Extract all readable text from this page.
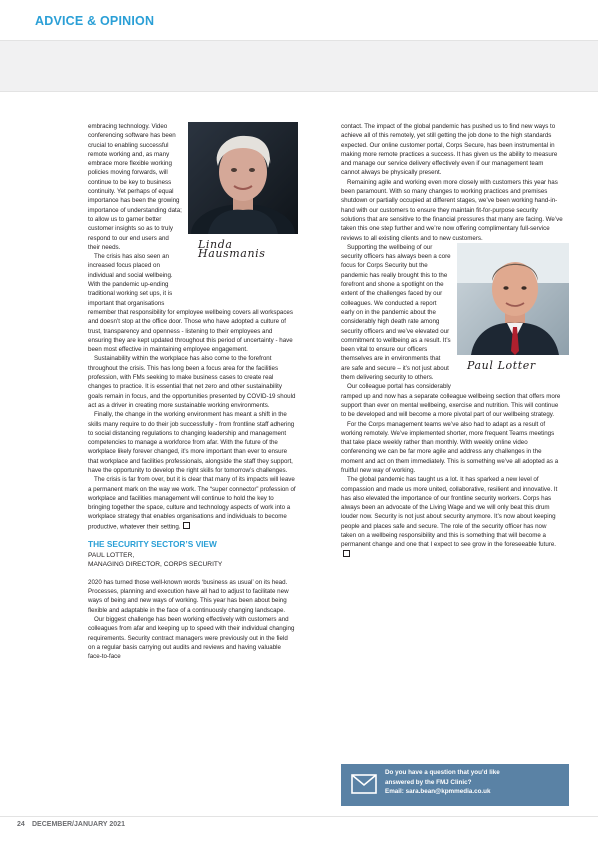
ADVICE & OPINION
Linda Hausmanis

embracing technology. Video conferencing software has been crucial to enabling successful remote working and, as many embrace more flexible working policies moving forwards, will continue to be key to business continuity. Yet perhaps of equal importance has been the growing importance of understanding data; to allow us to garner better customer insights so as to truly respond to our end users and their needs.

The crisis has also seen an increased focus placed on individual and social wellbeing. With the pandemic up-ending traditional working set ups, it is important that organisations remember that responsibility for employee wellbeing covers all workspaces and doesn’t stop at the office door. Those who have adopted a culture of trust, transparency and openness - listening to their employees and ensuring they are kept updated throughout this period of uncertainty - have been most effective in maintaining employee engagement.

Sustainability within the workplace has also come to the forefront throughout the crisis. This has long been a focus area for the facilities profession, with FMs seeking to make business cases to create real changes to practice. It is essential that net zero and other sustainability goals remain in focus, and the opportunities presented by COVID-19 should act as a driver in creating more sustainable working environments.

Finally, the change in the working environment has meant a shift in the skills many require to do their job successfully - from frontline staff adhering to social distancing regulations to changing leadership and management competencies to manage a workforce from afar. With the future of the workplace likely forever changed, it’s more important than ever to ensure that workplace and facilities professionals, alongside the staff they support, have the opportunity to develop the right skills for tomorrow’s challenges.

The crisis is far from over, but it is clear that many of its impacts will leave a permanent mark on the way we work. The “super connector” profession of workplace and facilities management will continue to hold the key to bringing together the space, culture and technology aspects of work into a workplace strategy that enables organisations and individuals to become productive, whatever their setting.

THE SECURITY SECTOR’S VIEW
PAUL LOTTER,
MANAGING DIRECTOR, CORPS SECURITY

2020 has turned those well-known words ‘business as usual’ on its head. Processes, planning and execution have all had to adjust to facilitate new ways of being and new ways of working. This year has been about being flexible and adaptable in the face of a continuously changing landscape.

Our biggest challenge has been working effectively with customers and colleagues from afar and keeping up to speed with their individual changing requirements. Security contract managers were previously out in the field on a regular basis carrying out audits and reviews and having valuable face-to-face

contact. The impact of the global pandemic has pushed us to find new ways to achieve all of this remotely, yet still getting the job done to the high standards expected. Our online customer portal, Corps Secure, has been instrumental in making more remote practices a success. It has given us the ability to measure and manage our service delivery effectively even if our management team cannot always be physically present.

Remaining agile and working even more closely with customers this year has been paramount. With so many changes to working practices and premises shutdown or partially occupied at different stages, we’ve been working hand-in-hand with our customers to ensure they maintain fit-for-purpose security solutions that are sensitive to the financial pressures that many are facing. We’ve taken this one step further and we’re now offering complimentary full-service reviews to all existing clients and to new customers.

Paul Lotter

Supporting the wellbeing of our security officers has always been a core focus for Corps Security but the pandemic has really brought this to the forefront and shone a spotlight on the extent of the challenges faced by our colleagues. We conducted a report early on in the pandemic about the considerably high death rate among security officers and we’ve elevated our commitment to wellbeing as a result. It’s been vital to ensure our officers themselves are in environments that are safe and secure – it’s not just about them delivering security to others.

Our colleague portal has considerably ramped up and now has a separate colleague wellbeing section that offers more support than ever on mental wellbeing, exercise and nutrition. This will continue to be developed and will become a more pivotal part of our wellbeing strategy.

For the Corps management teams we’ve also had to adapt as a result of working remotely. We’ve implemented shorter, more frequent Teams meetings that take place weekly rather than monthly. With weekly online video conferencing we can be far more agile and address any challenges in the moment and act on them immediately. This is something we’ve all adopted as a fruitful new way of working.

The global pandemic has taught us a lot. It has sparked a new level of compassion and made us more united, collaborative, resilient and innovative. It has also elevated the importance of our frontline security workers. Corps has always been an advocate of the Living Wage and we will only beat this drum louder now. Security is not just about security anymore. It’s now about keeping people and places safe and secure. The role of the security officer has now taken on a wellbeing responsibility and this is something that will become a permanent change and one that I expect to see grow in the foreseeable future.

Do you have a question that you’d like
answered by the FMJ Clinic?
Email: sara.bean@kpmmedia.co.uk
24 DECEMBER/JANUARY 2021
